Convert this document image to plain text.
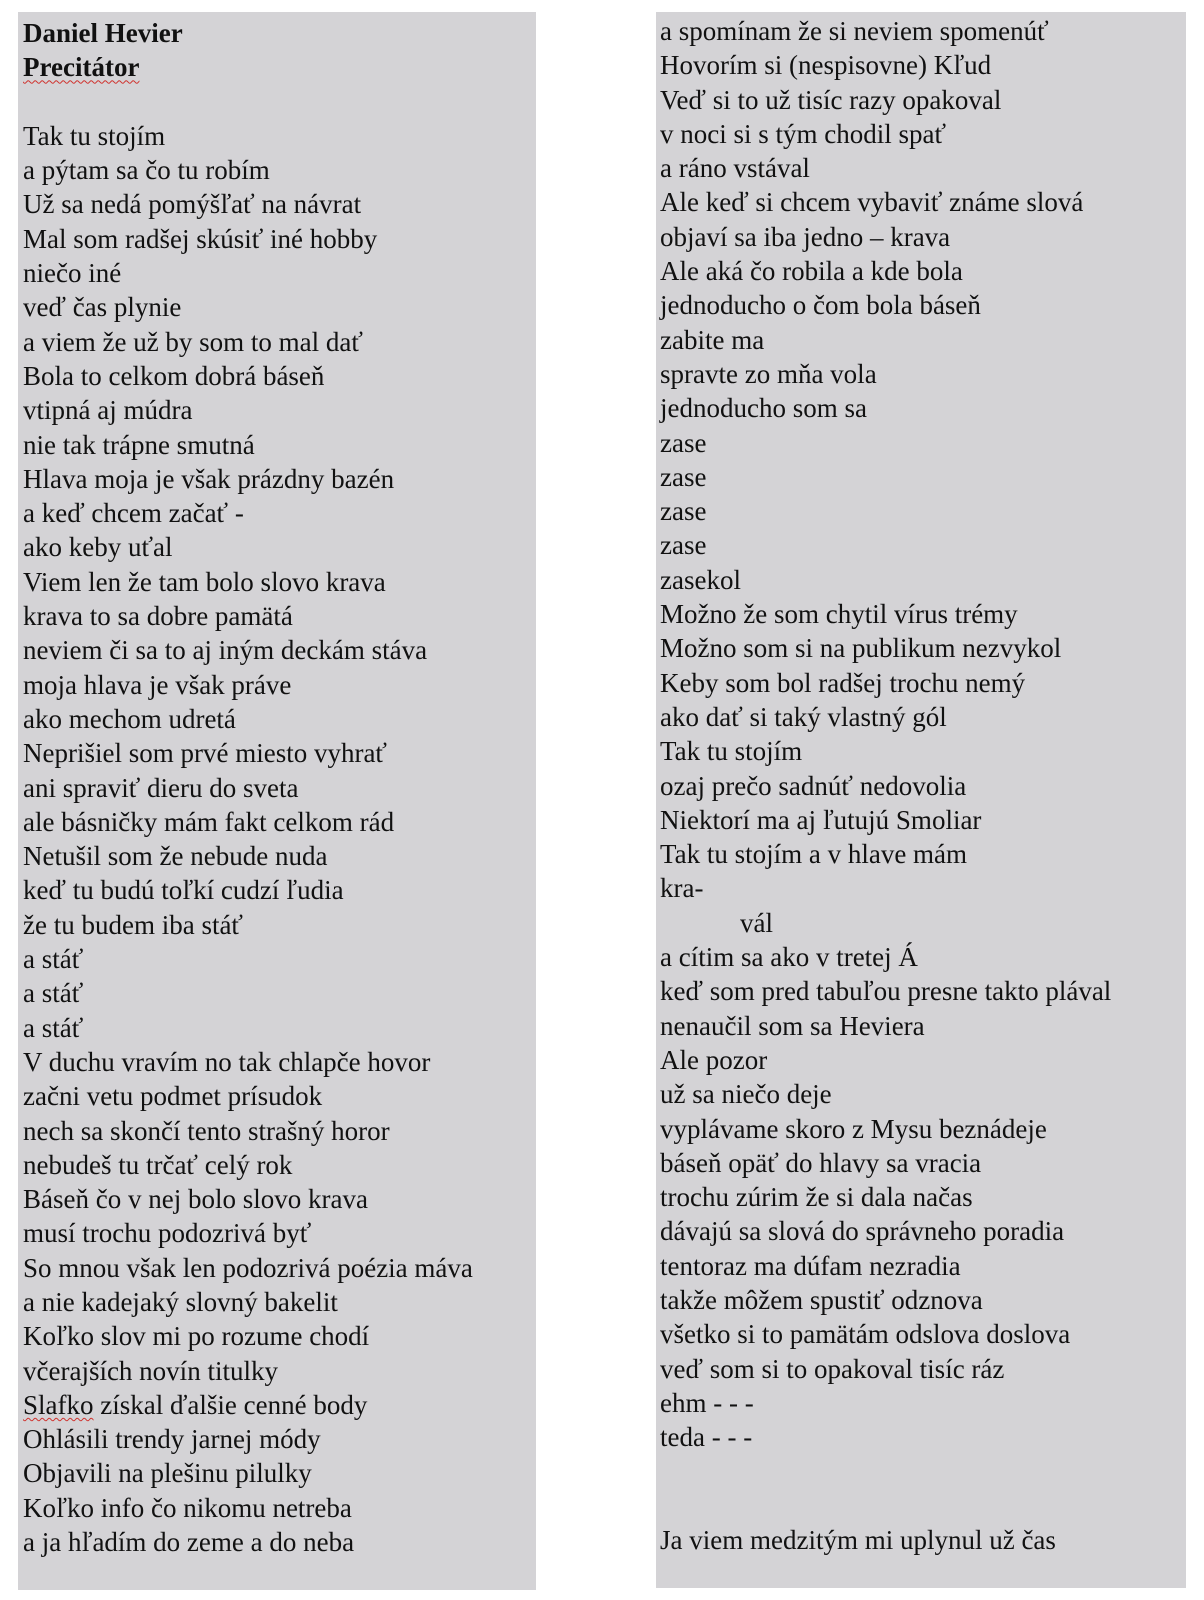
Daniel Hevier
Precitátor
Tak tu stojím
a pýtam sa čo tu robím
Už sa nedá pomýšľať na návrat
Mal som radšej skúsiť iné hobby
niečo iné
veď čas plynie
a viem že už by som to mal dať
Bola to celkom dobrá báseň
vtipná aj múdra
nie tak trápne smutná
Hlava moja je však prázdny bazén
a keď chcem začať -
ako keby uťal
Viem len že tam bolo slovo krava
krava to sa dobre pamätá
neviem či sa to aj iným deckám stáva
moja hlava je však práve
ako mechom udretá
Neprišiel som prvé miesto vyhrať
ani spraviť dieru do sveta
ale básničky mám fakt celkom rád
Netušil som že nebude nuda
keď tu budú toľkí cudzí ľudia
že tu budem iba stáť
a stáť
a stáť
a stáť
V duchu vravím no tak chlapče hovor
začni vetu podmet prísudok
nech sa skončí tento strašný horor
nebudeš tu trčať celý rok
Báseň čo v nej bolo slovo krava
musí trochu podozrivá byť
So mnou však len podozrivá poézia máva
a nie kadejaký slovný bakelit
Koľko slov mi po rozume chodí
včerajších novín titulky
Slafko získal ďalšie cenné body
Ohlásili trendy jarnej módy
Objavili na plešinu pilulky
Koľko info čo nikomu netreba
a ja hľadím do zeme a do neba
a spomínam že si neviem spomenúť
Hovorím si (nespisovne) Kľud
Veď si to už tisíc razy opakoval
v noci si s tým chodil spať
a ráno vstával
Ale keď si chcem vybaviť známe slová
objaví sa iba jedno – krava
Ale aká čo robila a kde bola
jednoducho o čom bola báseň
zabite ma
spravte zo mňa vola
jednoducho som sa
zase
zase
zase
zase
zasekol
Možno že som chytil vírus trémy
Možno som si na publikum nezvykol
Keby som bol radšej trochu nemý
ako dať si taký vlastný gól
Tak tu stojím
ozaj prečo sadnúť nedovolia
Niektorí ma aj ľutujú Smoliar
Tak tu stojím a v hlave mám
kra-
vál
a cítim sa ako v tretej Á
keď som pred tabuľou presne takto plával
nenaučil som sa Heviera
Ale pozor
už sa niečo deje
vyplávame skoro z Mysu beznádeje
báseň opäť do hlavy sa vracia
trochu zúrim že si dala načas
dávajú sa slová do správneho poradia
tentoraz ma dúfam nezradia
takže môžem spustiť odznova
všetko si to pamätám odslova doslova
veď som si to opakoval tisíc ráz
ehm - - -
teda - - -
Ja viem medzitým mi uplynul už čas
